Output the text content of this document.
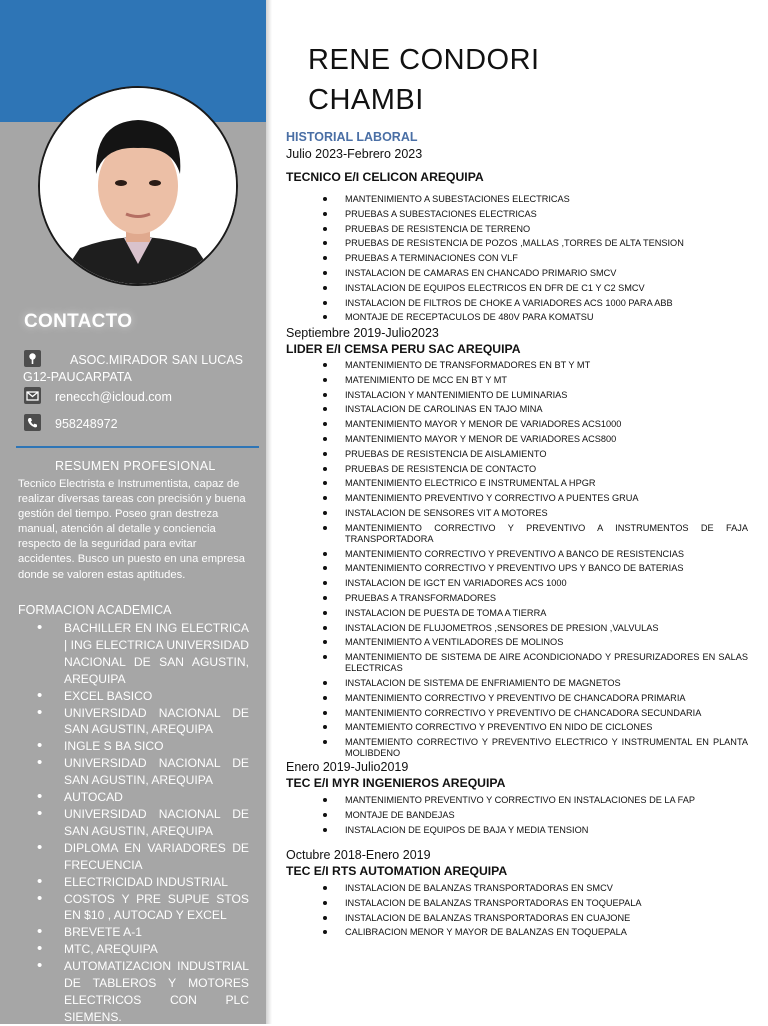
CONTACTO
ASOC.MIRADOR SAN LUCAS
G12-PAUCARPATA
renecch@icloud.com
958248972
RESUMEN PROFESIONAL
Tecnico Electrista e Instrumentista, capaz de realizar diversas tareas con precisión y buena gestión del tiempo. Poseo gran destreza manual, atención al detalle y conciencia respecto de la seguridad para evitar accidentes. Busco un puesto en una empresa donde se valoren estas aptitudes.
FORMACION ACADEMICA
• BACHILLER EN ING ELECTRICA | ING ELECTRICA UNIVERSIDAD NACIONAL DE SAN AGUSTIN, AREQUIPA
• EXCEL BASICO
• UNIVERSIDAD NACIONAL DE SAN AGUSTIN, AREQUIPA
• INGLE S BA SICO
• UNIVERSIDAD NACIONAL DE SAN AGUSTIN, AREQUIPA
• AUTOCAD
• UNIVERSIDAD NACIONAL DE SAN AGUSTIN, AREQUIPA
• DIPLOMA EN VARIADORES DE FRECUENCIA
• ELECTRICIDAD INDUSTRIAL
• COSTOS Y PRE SUPUE STOS EN $10 , AUTOCAD Y EXCEL
• BREVETE A-1
• MTC, AREQUIPA
• AUTOMATIZACION INDUSTRIAL DE TABLEROS Y MOTORES ELECTRICOS CON PLC SIEMENS.
RENE CONDORI
CHAMBI
HISTORIAL LABORAL
Julio 2023-Febrero 2023
TECNICO E/I CELICON AREQUIPA
MANTENIMIENTO A SUBESTACIONES ELECTRICAS
PRUEBAS A SUBESTACIONES ELECTRICAS
PRUEBAS DE RESISTENCIA DE TERRENO
PRUEBAS DE RESISTENCIA DE POZOS ,MALLAS ,TORRES DE ALTA TENSION
PRUEBAS A TERMINACIONES CON VLF
INSTALACION DE CAMARAS EN CHANCADO PRIMARIO SMCV
INSTALACION DE EQUIPOS ELECTRICOS EN DFR DE C1 Y C2 SMCV
INSTALACION DE FILTROS DE CHOKE A VARIADORES ACS 1000 PARA ABB
MONTAJE DE RECEPTACULOS DE 480V PARA KOMATSU
Septiembre 2019-Julio2023
LIDER E/I CEMSA PERU SAC AREQUIPA
MANTENIMIENTO DE TRANSFORMADORES EN BT Y MT
MATENIMIENTO DE MCC EN BT Y MT
INSTALACION Y MANTENIMIENTO DE LUMINARIAS
INSTALACION DE CAROLINAS EN TAJO MINA
MANTENIMIENTO MAYOR Y MENOR DE VARIADORES ACS1000
MANTENIMIENTO MAYOR Y MENOR DE VARIADORES ACS800
PRUEBAS DE RESISTENCIA DE AISLAMIENTO
PRUEBAS DE RESISTENCIA DE CONTACTO
MANTENIMIENTO ELECTRICO E INSTRUMENTAL A HPGR
MANTENIMIENTO PREVENTIVO Y CORRECTIVO A PUENTES GRUA
INSTALACION DE SENSORES VIT A MOTORES
MANTENIMIENTO CORRECTIVO Y PREVENTIVO A INSTRUMENTOS DE FAJA TRANSPORTADORA
MANTENIMIENTO CORRECTIVO Y PREVENTIVO A BANCO DE RESISTENCIAS
MANTENIMIENTO CORRECTIVO Y PREVENTIVO UPS Y BANCO DE BATERIAS
INSTALACION DE IGCT EN VARIADORES ACS 1000
PRUEBAS A TRANSFORMADORES
INSTALACION DE PUESTA DE TOMA A TIERRA
INSTALACION DE FLUJOMETROS ,SENSORES DE PRESION ,VALVULAS
MANTENIMIENTO A VENTILADORES DE MOLINOS
MANTENIMIENTO DE SISTEMA DE AIRE ACONDICIONADO Y PRESURIZADORES EN SALAS ELECTRICAS
INSTALACION DE SISTEMA DE ENFRIAMIENTO DE MAGNETOS
MANTENIMIENTO CORRECTIVO Y PREVENTIVO DE CHANCADORA PRIMARIA
MANTENIMIENTO CORRECTIVO Y PREVENTIVO DE CHANCADORA SECUNDARIA
MANTEMIENTO CORRECTIVO Y PREVENTIVO EN NIDO DE CICLONES
MANTEMIENTO CORRECTIVO Y PREVENTIVO ELECTRICO Y INSTRUMENTAL EN PLANTA MOLIBDENO
Enero 2019-Julio2019
TEC E/I MYR INGENIEROS AREQUIPA
MANTENIMIENTO PREVENTIVO Y CORRECTIVO EN INSTALACIONES DE LA FAP
MONTAJE DE BANDEJAS
INSTALACION DE EQUIPOS DE BAJA Y MEDIA TENSION
Octubre 2018-Enero 2019
TEC E/I RTS AUTOMATION AREQUIPA
INSTALACION DE BALANZAS TRANSPORTADORAS EN SMCV
INSTALACION DE BALANZAS TRANSPORTADORAS EN TOQUEPALA
INSTALACION DE BALANZAS TRANSPORTADORAS EN CUAJONE
CALIBRACION MENOR Y MAYOR DE BALANZAS EN TOQUEPALA
